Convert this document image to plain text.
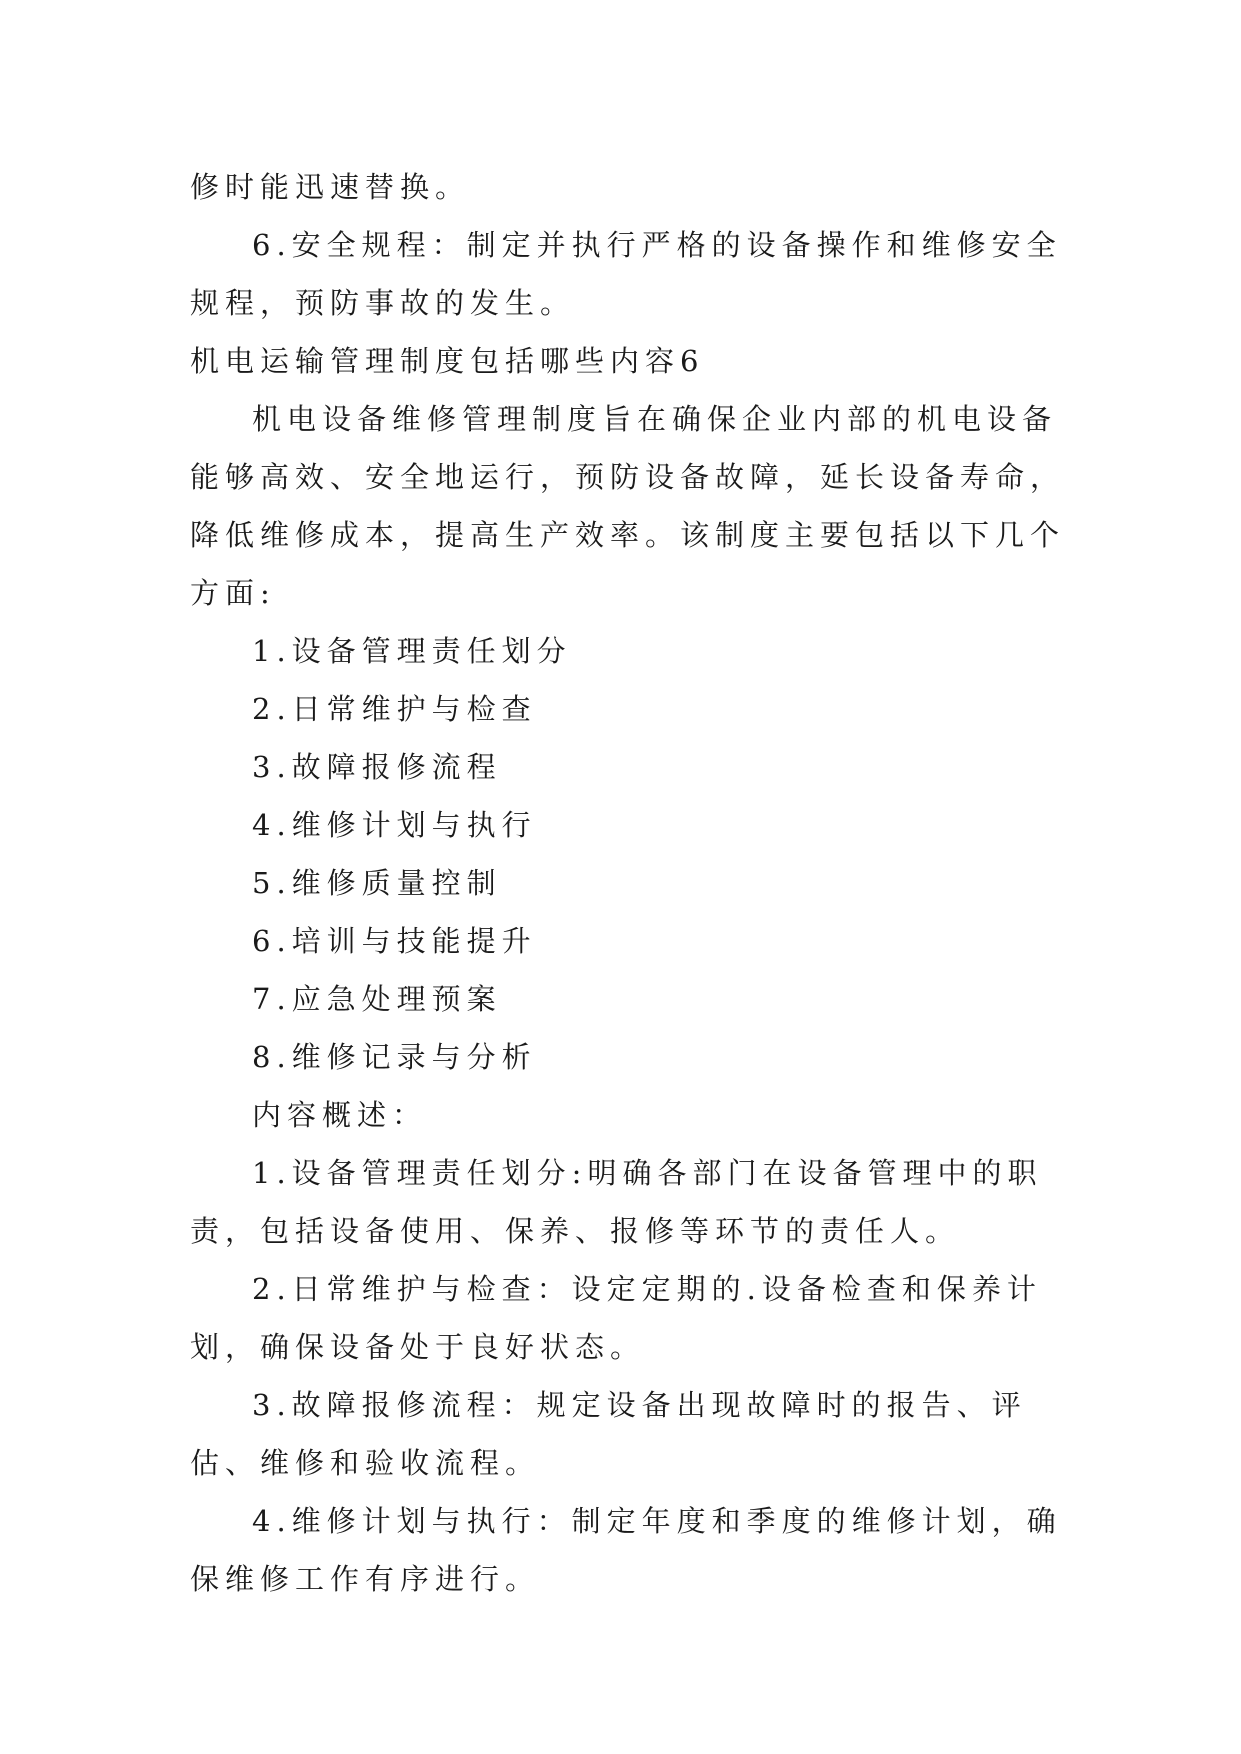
修时能迅速替换。

6.安全规程：制定并执行严格的设备操作和维修安全规程，预防事故的发生。

机电运输管理制度包括哪些内容6

机电设备维修管理制度旨在确保企业内部的机电设备能够高效、安全地运行，预防设备故障，延长设备寿命，降低维修成本，提高生产效率。该制度主要包括以下几个方面:

1.设备管理责任划分

2.日常维护与检查

3.故障报修流程

4.维修计划与执行

5.维修质量控制

6.培训与技能提升

7.应急处理预案

8.维修记录与分析

内容概述：

1.设备管理责任划分:明确各部门在设备管理中的职责，包括设备使用、保养、报修等环节的责任人。

2.日常维护与检查：设定定期的.设备检查和保养计划，确保设备处于良好状态。

3.故障报修流程：规定设备出现故障时的报告、评估、维修和验收流程。

4.维修计划与执行：制定年度和季度的维修计划，确保维修工作有序进行。
